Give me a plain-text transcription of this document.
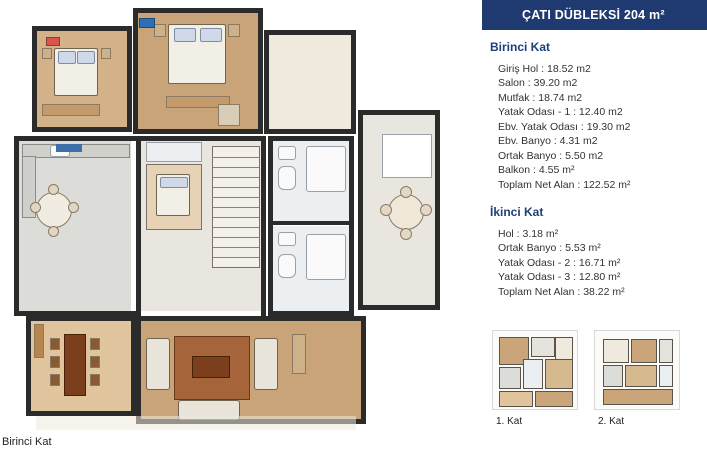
Birinci Kat
ÇATI DÜBLEKSİ 204 m²
Birinci Kat
Giriş Hol : 18.52 m2
Salon : 39.20 m2
Mutfak : 18.74 m2
Yatak Odası - 1 : 12.40 m2
Ebv. Yatak Odası : 19.30 m2
Ebv. Banyo : 4.31 m2
Ortak Banyo : 5.50 m2
Balkon : 4.55 m²
Toplam Net Alan : 122.52 m²
İkinci Kat
Hol : 3.18 m²
Ortak Banyo : 5.53 m²
Yatak Odası - 2 : 16.71 m²
Yatak Odası - 3 : 12.80 m²
Toplam Net Alan : 38.22 m²
1. Kat	2. Kat
